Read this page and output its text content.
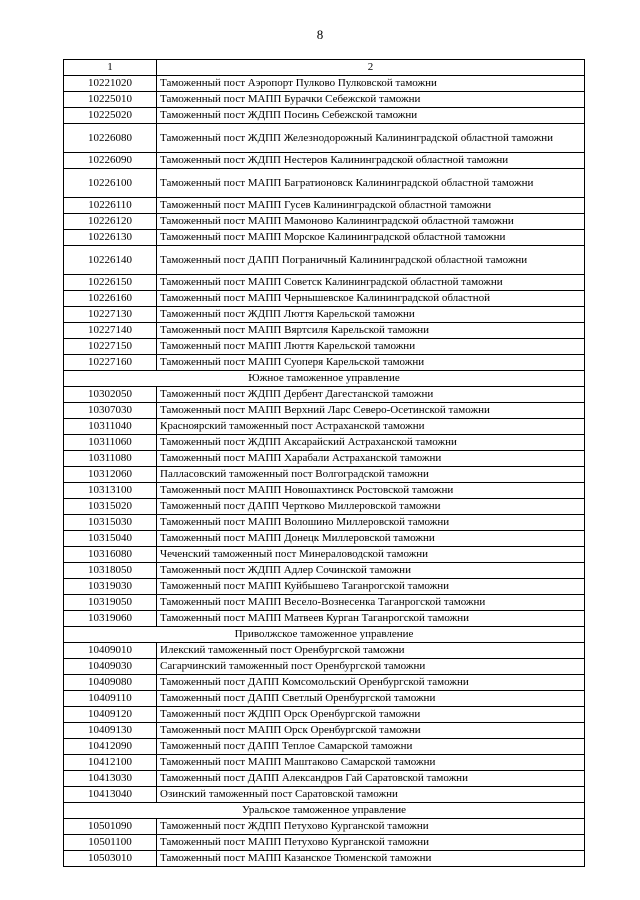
8
1	2
10221020	Таможенный пост Аэропорт Пулково Пулковской таможни
10225010	Таможенный пост МАПП Бурачки Себежской таможни
10225020	Таможенный пост ЖДПП Посинь Себежской таможни
10226080	Таможенный пост ЖДПП Железнодорожный Калининградской областной таможни
10226090	Таможенный пост ЖДПП Нестеров Калининградской областной таможни
10226100	Таможенный пост МАПП Багратионовск Калининградской областной таможни
10226110	Таможенный пост МАПП Гусев Калининградской областной таможни
10226120	Таможенный пост МАПП Мамоново Калининградской областной таможни
10226130	Таможенный пост МАПП Морское Калининградской областной таможни
10226140	Таможенный пост ДАПП Пограничный Калининградской областной таможни
10226150	Таможенный пост МАПП Советск Калининградской областной таможни
10226160	Таможенный пост МАПП Чернышевское Калининградской областной
10227130	Таможенный пост ЖДПП Люття Карельской таможни
10227140	Таможенный пост МАПП Вяртсиля Карельской таможни
10227150	Таможенный пост МАПП Люття Карельской таможни
10227160	Таможенный пост МАПП Суоперя Карельской таможни
Южное таможенное управление	
10302050	Таможенный пост ЖДПП Дербент Дагестанской таможни
10307030	Таможенный пост МАПП Верхний Ларс Северо-Осетинской таможни
10311040	Красноярский таможенный пост Астраханской таможни
10311060	Таможенный пост ЖДПП Аксарайский Астраханской таможни
10311080	Таможенный пост МАПП Харабали Астраханской таможни
10312060	Палласовский таможенный пост Волгоградской таможни
10313100	Таможенный пост МАПП Новошахтинск Ростовской таможни
10315020	Таможенный пост ДАПП Чертково Миллеровской таможни
10315030	Таможенный пост МАПП Волошино Миллеровской таможни
10315040	Таможенный пост МАПП Донецк Миллеровской таможни
10316080	Чеченский таможенный пост Минераловодской таможни
10318050	Таможенный пост ЖДПП Адлер Сочинской таможни
10319030	Таможенный пост МАПП Куйбышево Таганрогской таможни
10319050	Таможенный пост МАПП Весело-Вознесенка Таганрогской таможни
10319060	Таможенный пост МАПП Матвеев Курган Таганрогской таможни
Приволжское таможенное управление	
10409010	Илекский таможенный пост Оренбургской таможни
10409030	Сагарчинский таможенный пост Оренбургской таможни
10409080	Таможенный пост ДАПП Комсомольский Оренбургской таможни
10409110	Таможенный пост ДАПП Светлый Оренбургской таможни
10409120	Таможенный пост ЖДПП Орск Оренбургской таможни
10409130	Таможенный пост МАПП Орск Оренбургской таможни
10412090	Таможенный пост ДАПП Теплое Самарской таможни
10412100	Таможенный пост МАПП Маштаково Самарской таможни
10413030	Таможенный пост ДАПП Александров Гай Саратовской таможни
10413040	Озинский таможенный пост Саратовской таможни
Уральское таможенное управление	
10501090	Таможенный пост ЖДПП Петухово Курганской таможни
10501100	Таможенный пост МАПП Петухово Курганской таможни
10503010	Таможенный пост МАПП Казанское Тюменской таможни
